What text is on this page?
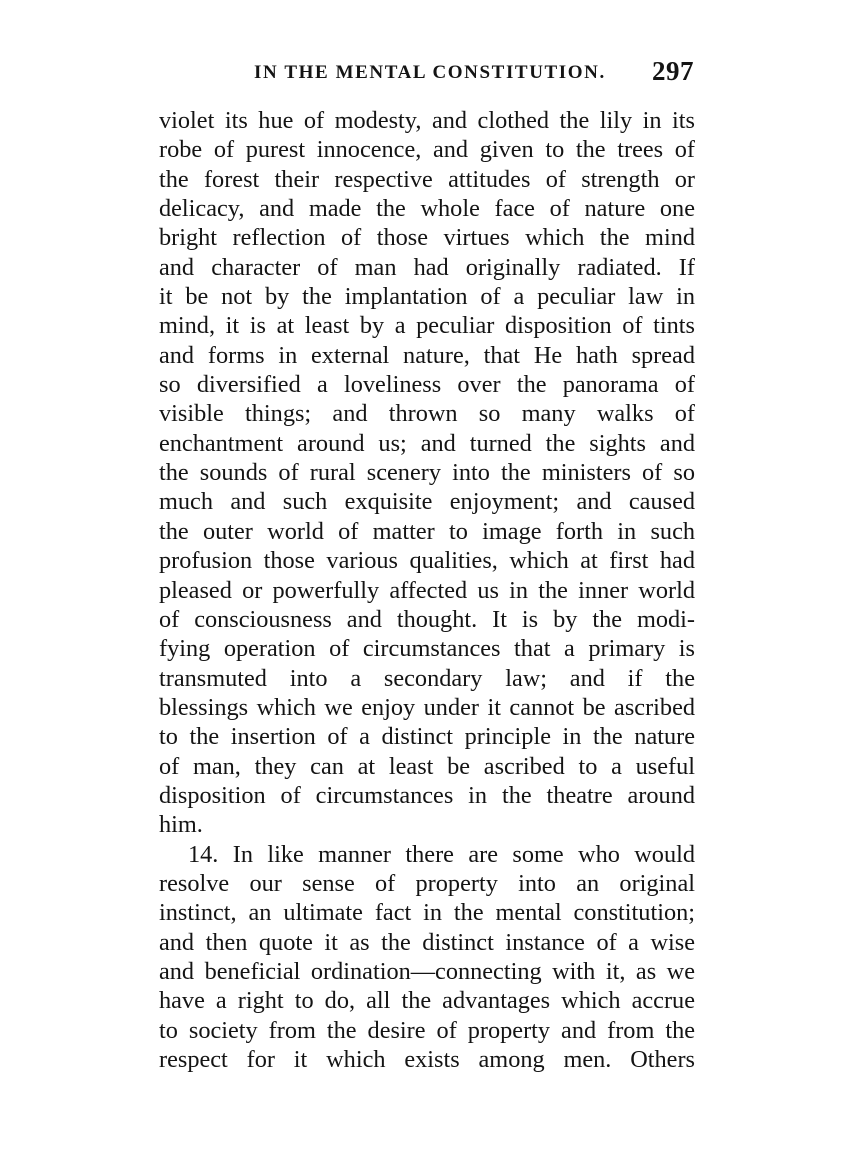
IN THE MENTAL CONSTITUTION. 297
violet its hue of modesty, and clothed the lily in its
robe of purest innocence, and given to the trees of
the forest their respective attitudes of strength or
delicacy, and made the whole face of nature one
bright reflection of those virtues which the mind
and character of man had originally radiated. If
it be not by the implantation of a peculiar law in
mind, it is at least by a peculiar disposition of tints
and forms in external nature, that He hath spread
so diversified a loveliness over the panorama of
visible things; and thrown so many walks of
enchantment around us; and turned the sights and
the sounds of rural scenery into the ministers of so
much and such exquisite enjoyment; and caused
the outer world of matter to image forth in such
profusion those various qualities, which at first had
pleased or powerfully affected us in the inner world
of consciousness and thought. It is by the modi-
fying operation of circumstances that a primary is
transmuted into a secondary law; and if the
blessings which we enjoy under it cannot be ascribed
to the insertion of a distinct principle in the nature
of man, they can at least be ascribed to a useful
disposition of circumstances in the theatre around
him.
14. In like manner there are some who would
resolve our sense of property into an original
instinct, an ultimate fact in the mental constitution;
and then quote it as the distinct instance of a wise
and beneficial ordination—connecting with it, as we
have a right to do, all the advantages which accrue
to society from the desire of property and from the
respect for it which exists among men. Others
